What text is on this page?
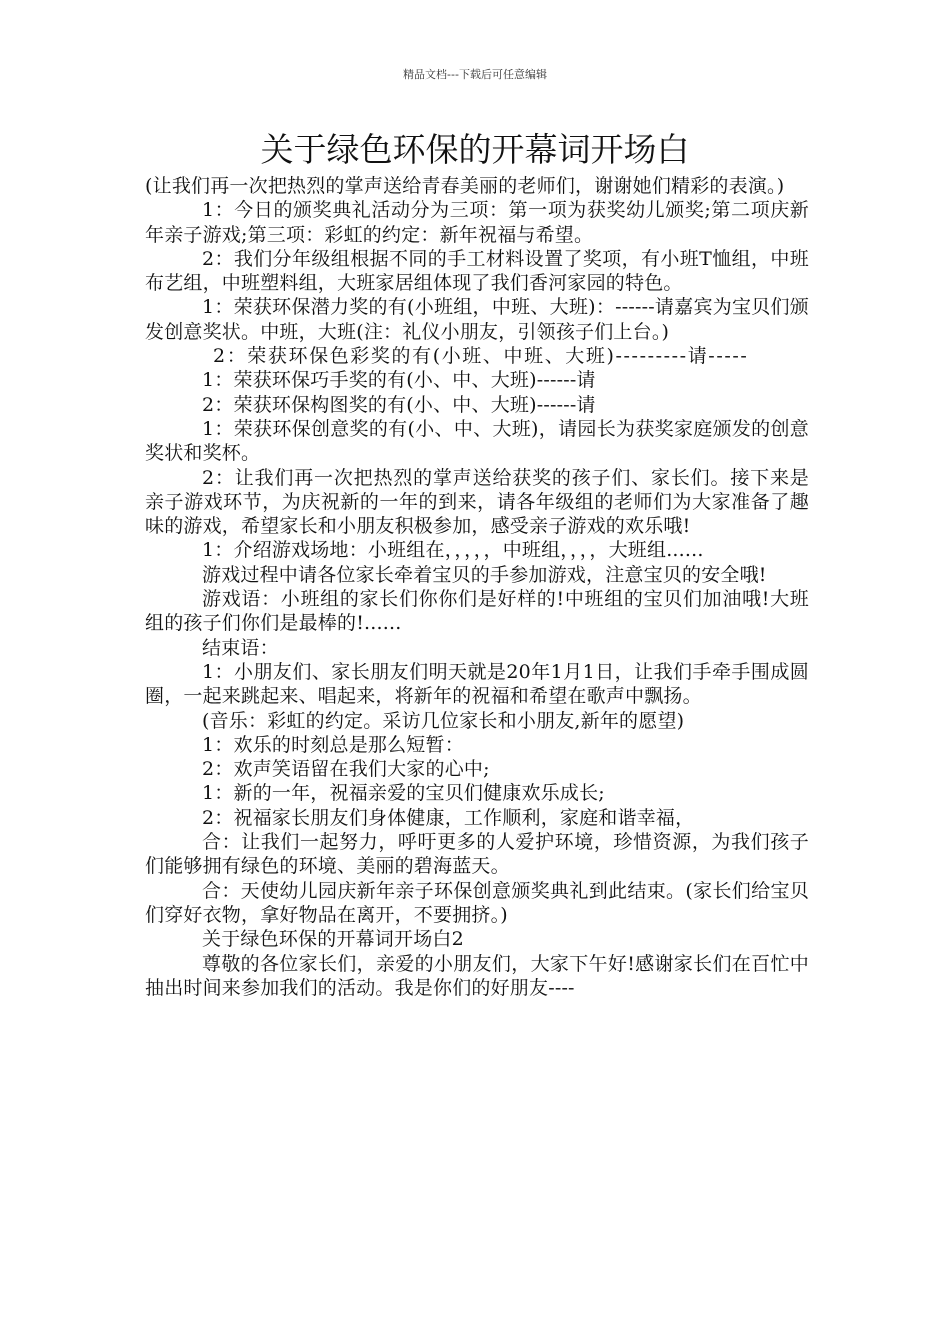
精品文档---下载后可任意编辑
关于绿色环保的开幕词开场白

(让我们再一次把热烈的掌声送给青春美丽的老师们，谢谢她们精彩的表演。)

1：今日的颁奖典礼活动分为三项：第一项为获奖幼儿颁奖;第二项庆新年亲子游戏;第三项：彩虹的约定：新年祝福与希望。

2：我们分年级组根据不同的手工材料设置了奖项，有小班T恤组，中班布艺组，中班塑料组，大班家居组体现了我们香河家园的特色。

1：荣获环保潜力奖的有(小班组，中班、大班)：------请嘉宾为宝贝们颁发创意奖状。中班，大班(注：礼仪小朋友，引领孩子们上台。)

2：荣获环保色彩奖的有(小班、中班、大班)---------请-----

1：荣获环保巧手奖的有(小、中、大班)------请

2：荣获环保构图奖的有(小、中、大班)------请

1：荣获环保创意奖的有(小、中、大班)，请园长为获奖家庭颁发的创意奖状和奖杯。

2：让我们再一次把热烈的掌声送给获奖的孩子们、家长们。接下来是亲子游戏环节，为庆祝新的一年的到来，请各年级组的老师们为大家准备了趣味的游戏，希望家长和小朋友积极参加，感受亲子游戏的欢乐哦!

1：介绍游戏场地：小班组在，，，，，中班组，，，，大班组......

游戏过程中请各位家长牵着宝贝的手参加游戏，注意宝贝的安全哦!

游戏语：小班组的家长们你你们是好样的!中班组的宝贝们加油哦!大班组的孩子们你们是最棒的!......

结束语：

1：小朋友们、家长朋友们明天就是20年1月1日，让我们手牵手围成圆圈，一起来跳起来、唱起来，将新年的祝福和希望在歌声中飘扬。

(音乐：彩虹的约定。采访几位家长和小朋友,新年的愿望)

1：欢乐的时刻总是那么短暂：

2：欢声笑语留在我们大家的心中;

1：新的一年，祝福亲爱的宝贝们健康欢乐成长;

2：祝福家长朋友们身体健康，工作顺利，家庭和谐幸福，

合：让我们一起努力，呼吁更多的人爱护环境，珍惜资源，为我们孩子们能够拥有绿色的环境、美丽的碧海蓝天。

合：天使幼儿园庆新年亲子环保创意颁奖典礼到此结束。(家长们给宝贝们穿好衣物，拿好物品在离开，不要拥挤。)

关于绿色环保的开幕词开场白2

尊敬的各位家长们，亲爱的小朋友们，大家下午好!感谢家长们在百忙中抽出时间来参加我们的活动。我是你们的好朋友----
